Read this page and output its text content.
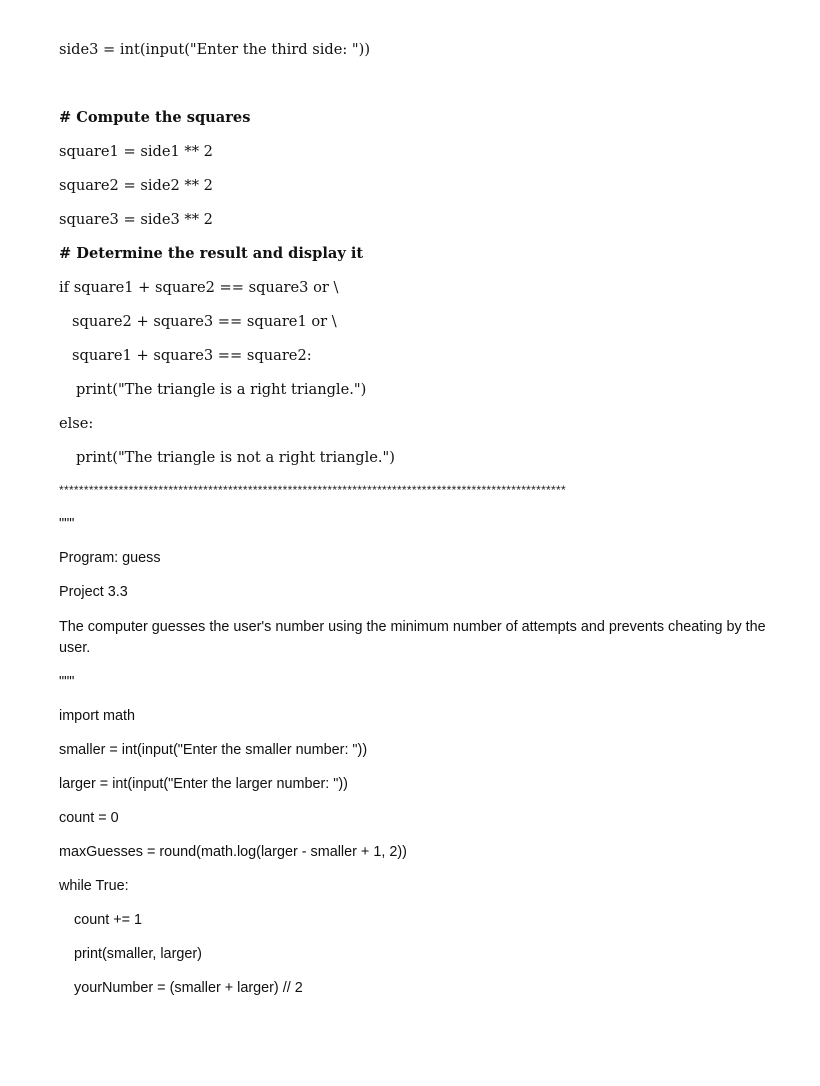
side3 = int(input("Enter the third side: "))
# Compute the squares
square1 = side1 ** 2
square2 = side2 ** 2
square3 = side3 ** 2
# Determine the result and display it
if square1 + square2 == square3 or \
square2 + square3 == square1 or \
square1 + square3 == square2:
print("The triangle is a right triangle.")
else:
print("The triangle is not a right triangle.")
******************************************************************************************************
"""
Program: guess
Project 3.3
The computer guesses the user's number using the minimum number of attempts and prevents cheating by the user.
"""
import math
smaller = int(input("Enter the smaller number: "))
larger = int(input("Enter the larger number: "))
count = 0
maxGuesses = round(math.log(larger - smaller + 1, 2))
while True:
count += 1
print(smaller, larger)
yourNumber = (smaller + larger) // 2
